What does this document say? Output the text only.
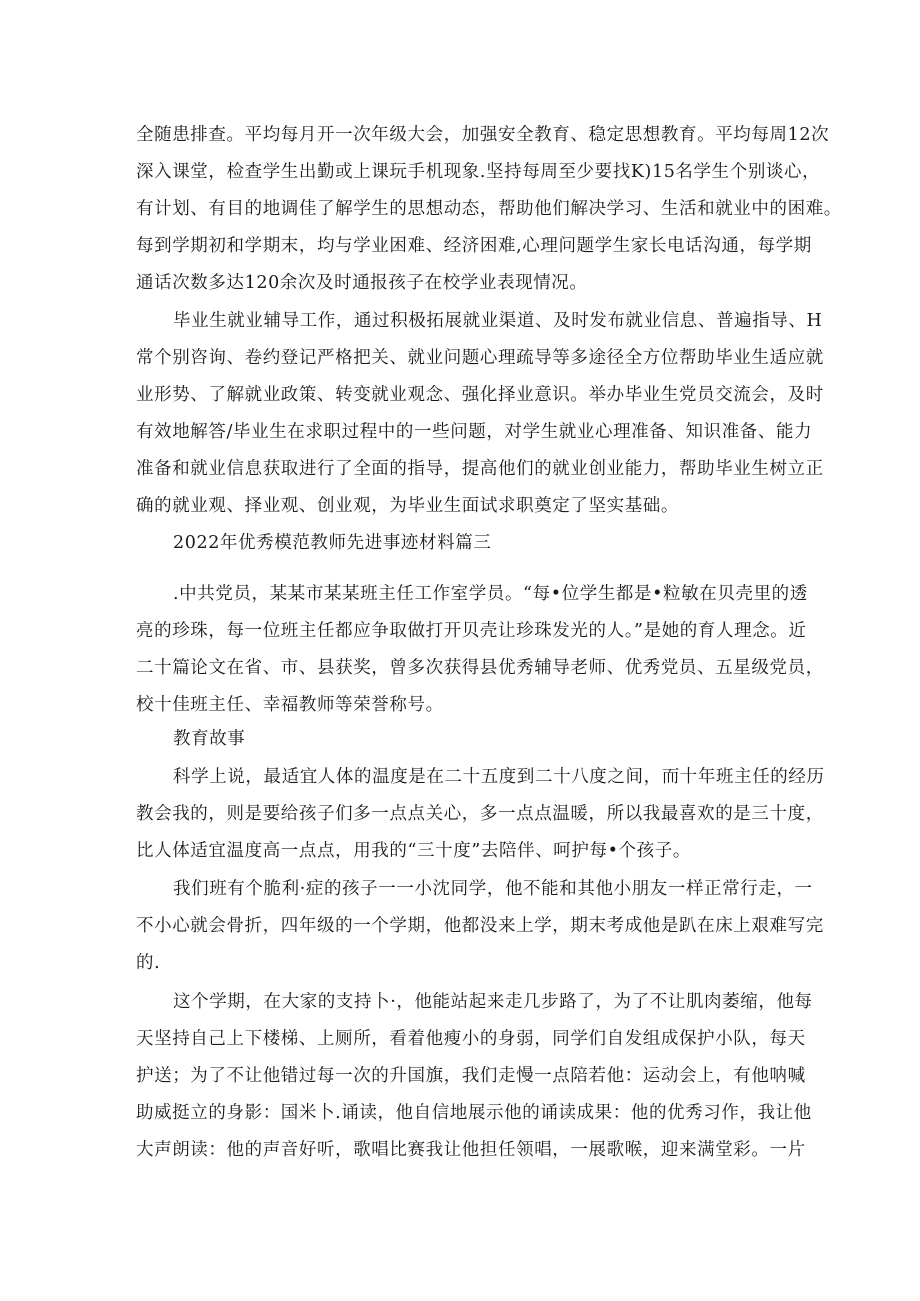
全随患排查。平均每月开一次年级大会，加强安全教育、稳定思想教育。平均每周12次
深入课堂，检查学生出勤或上课玩手机现象.坚持每周至少要找K)15名学生个别谈心，
有计划、有目的地调佳了解学生的思想动态，帮助他们解决学习、生活和就业中的困难。
每到学期初和学期末，均与学业困难、经济困难,心理问题学生家长电话沟通，每学期
通话次数多达120余次及时通报孩子在校学业表现情况。
毕业生就业辅导工作，通过积极拓展就业渠道、及时发布就业信息、普遍指导、H
常个别咨询、卷约登记严格把关、就业问题心理疏导等多途径全方位帮助毕业生适应就
业形势、了解就业政策、转变就业观念、强化择业意识。举办毕业生党员交流会，及时
有效地解答/毕业生在求职过程中的一些问题，对学生就业心理准备、知识准备、能力
准备和就业信息获取进行了全面的指导，提高他们的就业创业能力，帮助毕业生树立正
确的就业观、择业观、创业观，为毕业生面试求职奠定了坚实基础。
2022年优秀模范教师先进事迹材料篇三
.中共党员，某某市某某班主任工作室学员。“每•位学生都是•粒敏在贝壳里的透
亮的珍珠，每一位班主任都应争取做打开贝壳让珍珠发光的人。”是她的育人理念。近
二十篇论文在省、市、县获奖，曾多次获得县优秀辅导老师、优秀党员、五星级党员，
校十佳班主任、幸福教师等荣誉称号。
教育故事
科学上说，最适宜人体的温度是在二十五度到二十八度之间，而十年班主任的经历
教会我的，则是要给孩子们多一点点关心，多一点点温暖，所以我最喜欢的是三十度，
比人体适宜温度高一点点，用我的“三十度”去陪伴、呵护每•个孩子。
我们班有个脆利·症的孩子一一小沈同学，他不能和其他小朋友一样正常行走，一
不小心就会骨折，四年级的一个学期，他都没来上学，期末考成他是趴在床上艰难写完
的.
这个学期，在大家的支持卜·，他能站起来走几步路了，为了不让肌肉萎缩，他每
天坚持自己上下楼梯、上厕所，看着他瘦小的身弱，同学们自发组成保护小队，每天
护送；为了不让他错过每一次的升国旗，我们走慢一点陪若他：运动会上，有他呐喊
助威挺立的身影：国米卜.诵读，他自信地展示他的诵读成果：他的优秀习作，我让他
大声朗读：他的声音好听，歌唱比赛我让他担任领唱，一展歌喉，迎来满堂彩。一片
